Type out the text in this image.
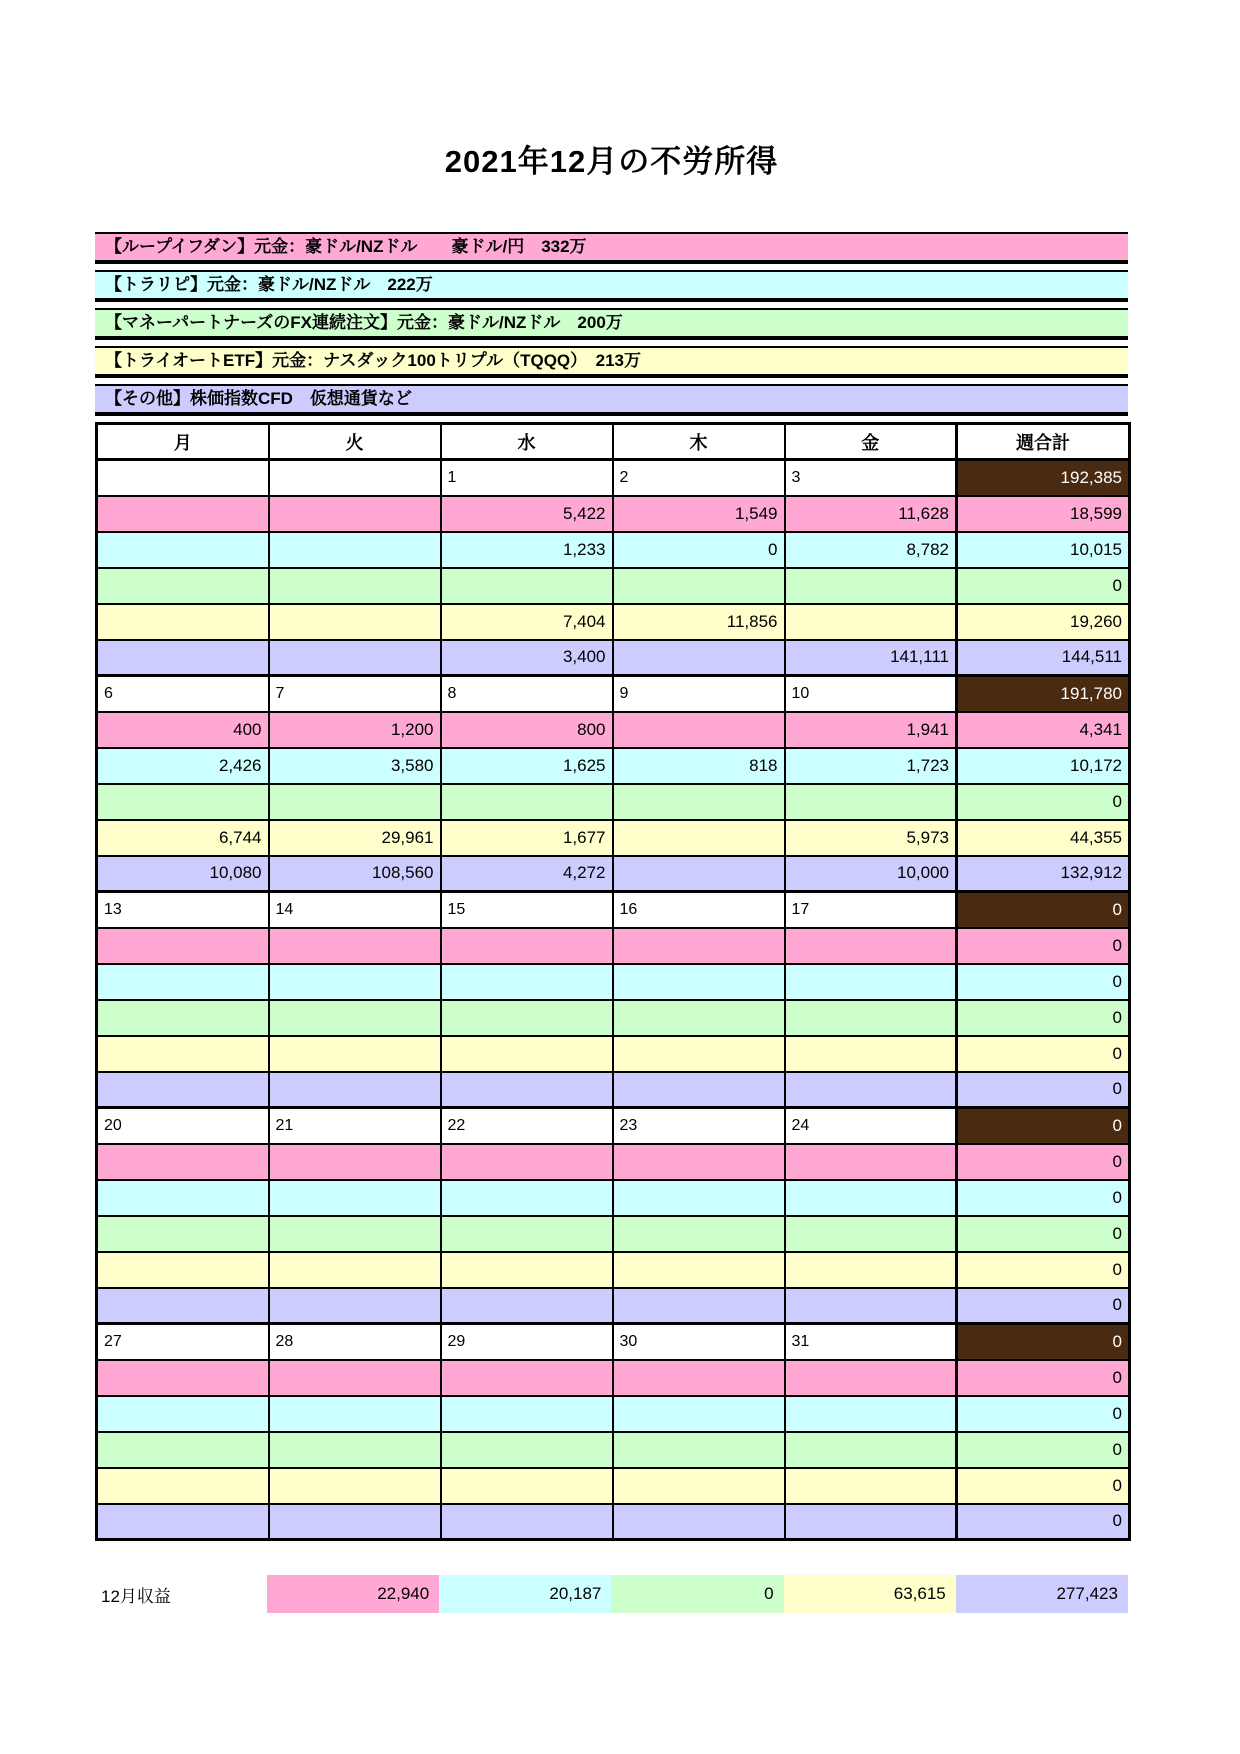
2021年12月の不労所得
【ループイフダン】元金：豪ドル/NZドル　　豪ドル/円　332万
【トラリピ】元金：豪ドル/NZドル　222万
【マネーパートナーズのFX連続注文】元金：豪ドル/NZドル　200万
【トライオートETF】元金：ナスダック100トリプル（TQQQ）　213万
【その他】株価指数CFD　仮想通貨など
月	火	水	木	金	週合計
		1	2	3	192,385
		5,422	1,549	11,628	18,599
		1,233	0	8,782	10,015
					0
		7,404	11,856		19,260
		3,400		141,111	144,511
6	7	8	9	10	191,780
400	1,200	800		1,941	4,341
2,426	3,580	1,625	818	1,723	10,172
					0
6,744	29,961	1,677		5,973	44,355
10,080	108,560	4,272		10,000	132,912
13	14	15	16	17	0
					0
					0
					0
					0
					0
20	21	22	23	24	0
					0
					0
					0
					0
					0
27	28	29	30	31	0
					0
					0
					0
					0
					0
12月収益	22,940	20,187	0	63,615	277,423
